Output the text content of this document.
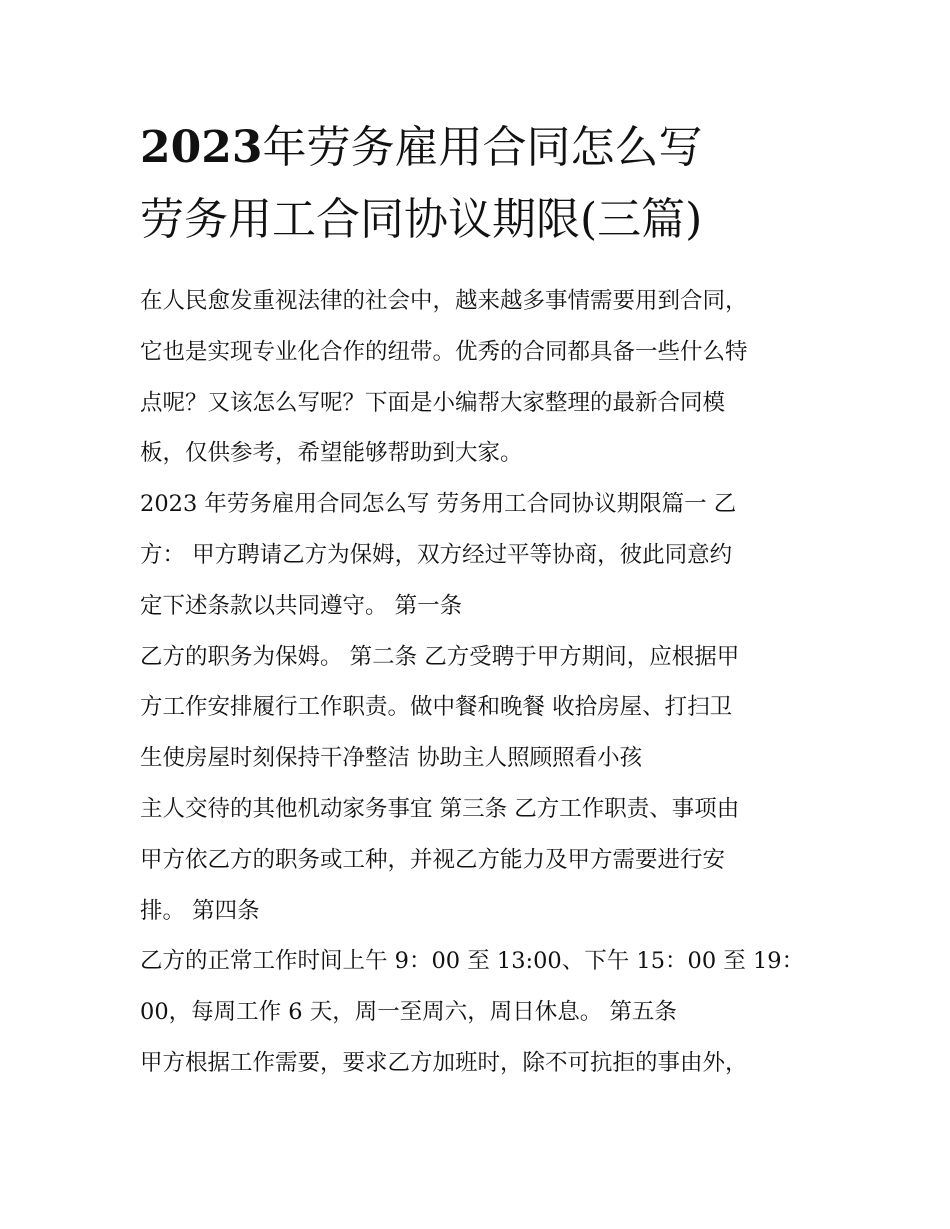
2023年劳务雇用合同怎么写
劳务用工合同协议期限(三篇)
在人民愈发重视法律的社会中，越来越多事情需要用到合同，
它也是实现专业化合作的纽带。优秀的合同都具备一些什么特
点呢？又该怎么写呢？下面是小编帮大家整理的最新合同模
板，仅供参考，希望能够帮助到大家。
2023 年劳务雇用合同怎么写 劳务用工合同协议期限篇一 乙
方： 甲方聘请乙方为保姆，双方经过平等协商，彼此同意约
定下述条款以共同遵守。 第一条
乙方的职务为保姆。 第二条 乙方受聘于甲方期间，应根据甲
方工作安排履行工作职责。做中餐和晚餐 收拾房屋、打扫卫
生使房屋时刻保持干净整洁 协助主人照顾照看小孩
主人交待的其他机动家务事宜 第三条 乙方工作职责、事项由
甲方依乙方的职务或工种，并视乙方能力及甲方需要进行安
排。 第四条
乙方的正常工作时间上午 9：00 至 13:00、下午 15：00 至 19：
00，每周工作 6 天，周一至周六，周日休息。 第五条
甲方根据工作需要，要求乙方加班时，除不可抗拒的事由外，
